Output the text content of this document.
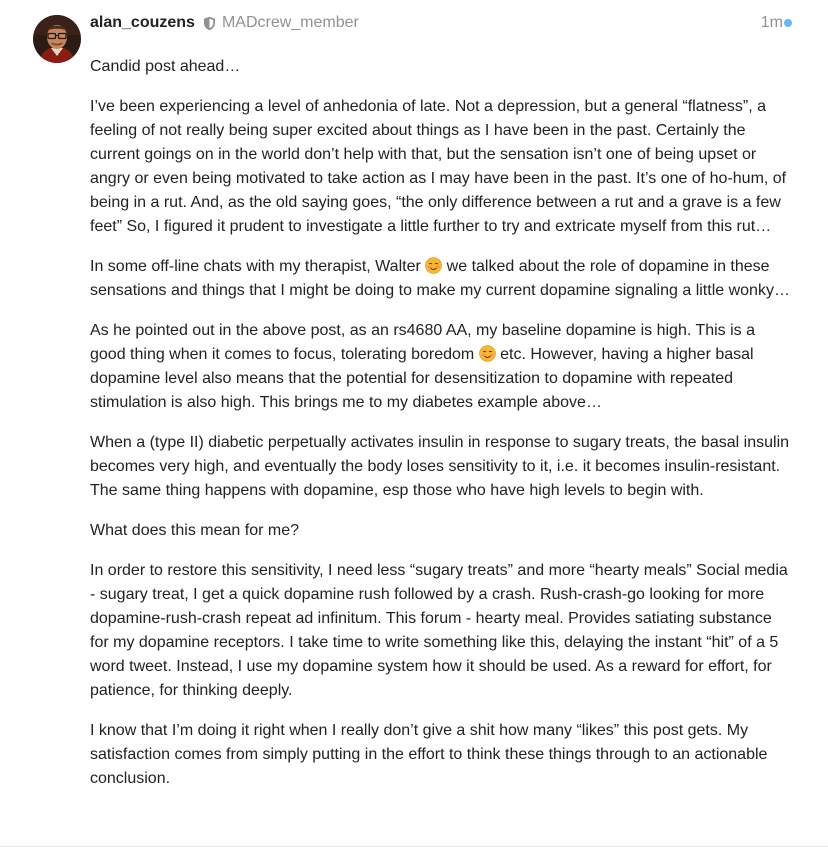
alan_couzens MADcrew_member	1m

Candid post ahead…

I’ve been experiencing a level of anhedonia of late. Not a depression, but a general “flatness”, a feeling of not really being super excited about things as I have been in the past. Certainly the current goings on in the world don’t help with that, but the sensation isn’t one of being upset or angry or even being motivated to take action as I may have been in the past. It’s one of ho-hum, of being in a rut. And, as the old saying goes, “the only difference between a rut and a grave is a few feet” So, I figured it prudent to investigate a little further to try and extricate myself from this rut…

In some off-line chats with my therapist, Walter
we talked about the role of dopamine in these sensations and things that I might be doing to make my current dopamine signaling a little wonky…

As he pointed out in the above post, as an rs4680 AA, my baseline dopamine is high. This is a good thing when it comes to focus, tolerating boredom
etc. However, having a higher basal dopamine level also means that the potential for desensitization to dopamine with repeated stimulation is also high. This brings me to my diabetes example above…

When a (type II) diabetic perpetually activates insulin in response to sugary treats, the basal insulin becomes very high, and eventually the body loses sensitivity to it, i.e. it becomes insulin-resistant. The same thing happens with dopamine, esp those who have high levels to begin with.

What does this mean for me?

In order to restore this sensitivity, I need less “sugary treats” and more “hearty meals” Social media - sugary treat, I get a quick dopamine rush followed by a crash. Rush-crash-go looking for more dopamine-rush-crash repeat ad infinitum. This forum - hearty meal. Provides satiating substance for my dopamine receptors. I take time to write something like this, delaying the instant “hit” of a 5 word tweet. Instead, I use my dopamine system how it should be used. As a reward for effort, for patience, for thinking deeply.

I know that I’m doing it right when I really don’t give a shit how many “likes” this post gets. My satisfaction comes from simply putting in the effort to think these things through to an actionable conclusion.
